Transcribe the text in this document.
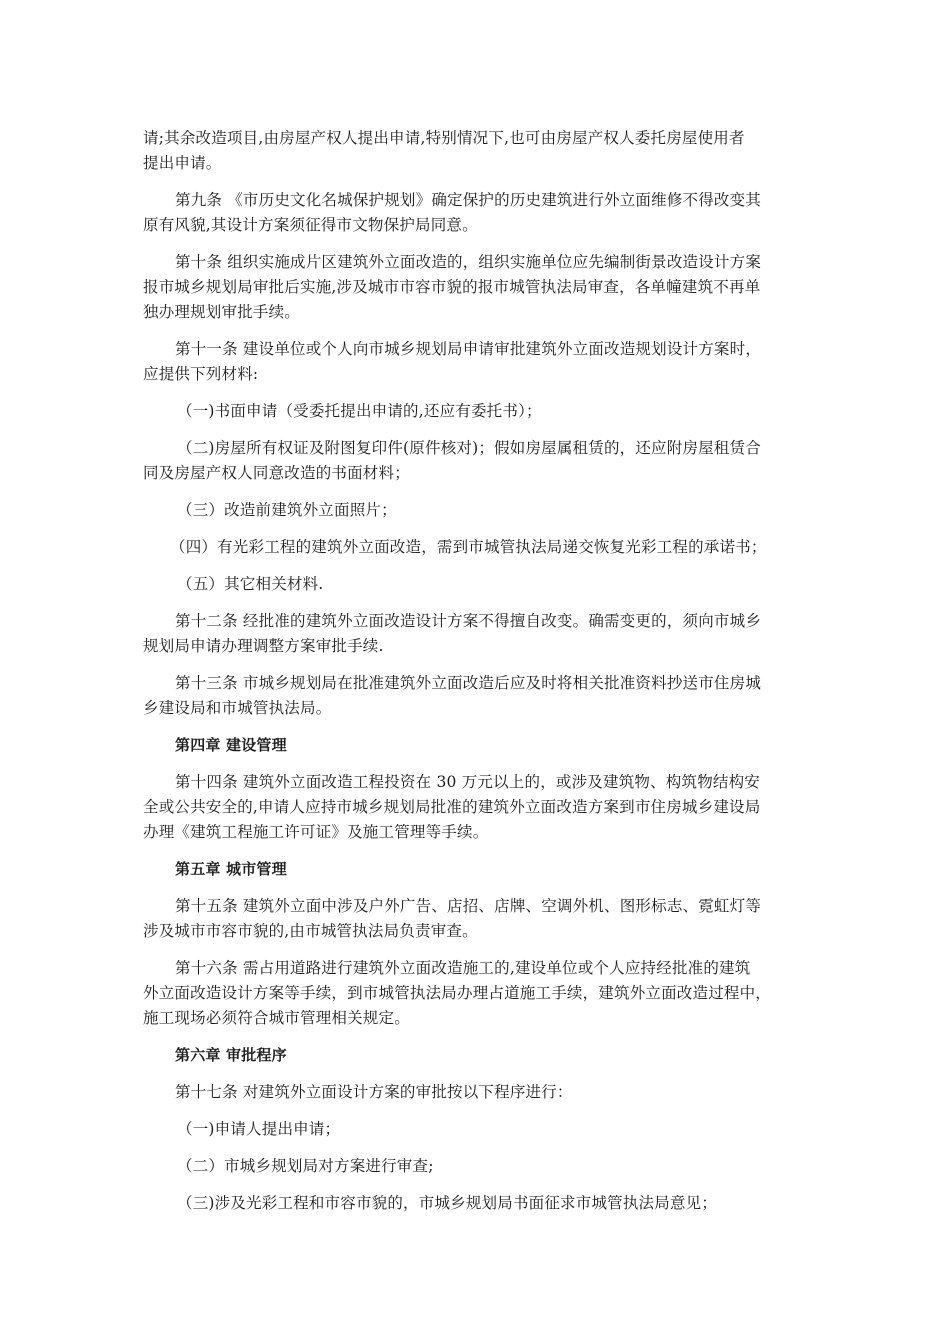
请;其余改造项目,由房屋产权人提出申请,特别情况下,也可由房屋产权人委托房屋使用者
提出申请。
第九条 《市历史文化名城保护规划》确定保护的历史建筑进行外立面维修不得改变其
原有风貌,其设计方案须征得市文物保护局同意。
第十条 组织实施成片区建筑外立面改造的，组织实施单位应先编制街景改造设计方案
报市城乡规划局审批后实施,涉及城市市容市貌的报市城管执法局审查，各单幢建筑不再单
独办理规划审批手续。
第十一条 建设单位或个人向市城乡规划局申请审批建筑外立面改造规划设计方案时，
应提供下列材料:
（一)书面申请（受委托提出申请的,还应有委托书）；
（二)房屋所有权证及附图复印件(原件核对)；假如房屋属租赁的，还应附房屋租赁合
同及房屋产权人同意改造的书面材料；
（三）改造前建筑外立面照片；
（四）有光彩工程的建筑外立面改造，需到市城管执法局递交恢复光彩工程的承诺书；
（五）其它相关材料.
第十二条 经批准的建筑外立面改造设计方案不得擅自改变。确需变更的，须向市城乡
规划局申请办理调整方案审批手续.
第十三条 市城乡规划局在批准建筑外立面改造后应及时将相关批准资料抄送市住房城
乡建设局和市城管执法局。
第四章 建设管理
第十四条 建筑外立面改造工程投资在 30 万元以上的，或涉及建筑物、构筑物结构安
全或公共安全的,申请人应持市城乡规划局批准的建筑外立面改造方案到市住房城乡建设局
办理《建筑工程施工许可证》及施工管理等手续。
第五章 城市管理
第十五条 建筑外立面中涉及户外广告、店招、店牌、空调外机、图形标志、霓虹灯等
涉及城市市容市貌的,由市城管执法局负责审查。
第十六条 需占用道路进行建筑外立面改造施工的,建设单位或个人应持经批准的建筑
外立面改造设计方案等手续，到市城管执法局办理占道施工手续，建筑外立面改造过程中，
施工现场必须符合城市管理相关规定。
第六章 审批程序
第十七条 对建筑外立面设计方案的审批按以下程序进行：
（一)申请人提出申请；
（二）市城乡规划局对方案进行审查;
（三)涉及光彩工程和市容市貌的，市城乡规划局书面征求市城管执法局意见；
